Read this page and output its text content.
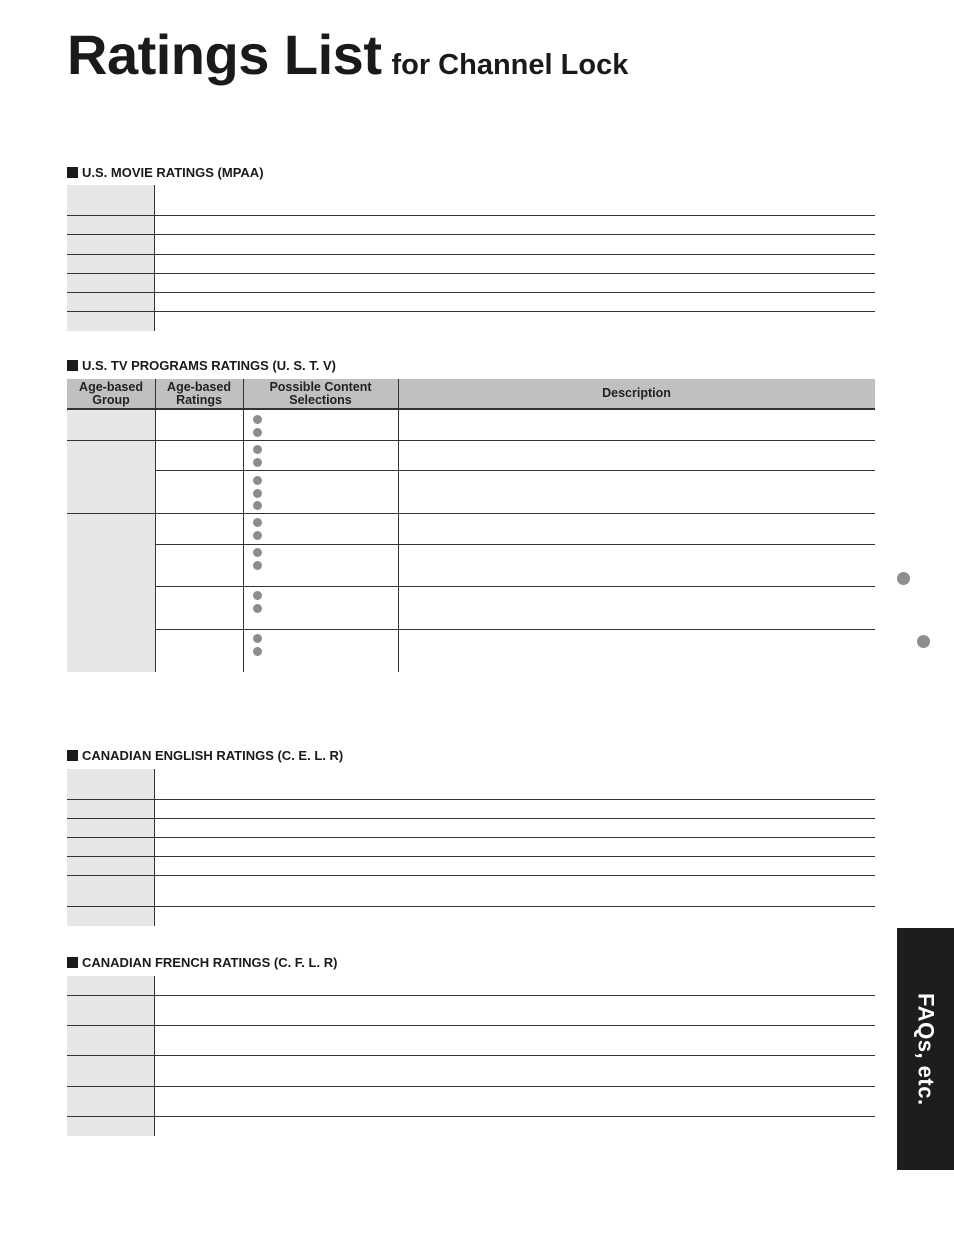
Ratings List for Channel Lock
U.S. MOVIE RATINGS (MPAA)
U.S. TV PROGRAMS RATINGS (U. S. T. V)
Age-based Group
Age-based Ratings
Possible Content Selections	Description
CANADIAN ENGLISH RATINGS (C. E. L. R)
CANADIAN FRENCH RATINGS (C. F. L. R)
FAQs, etc.
